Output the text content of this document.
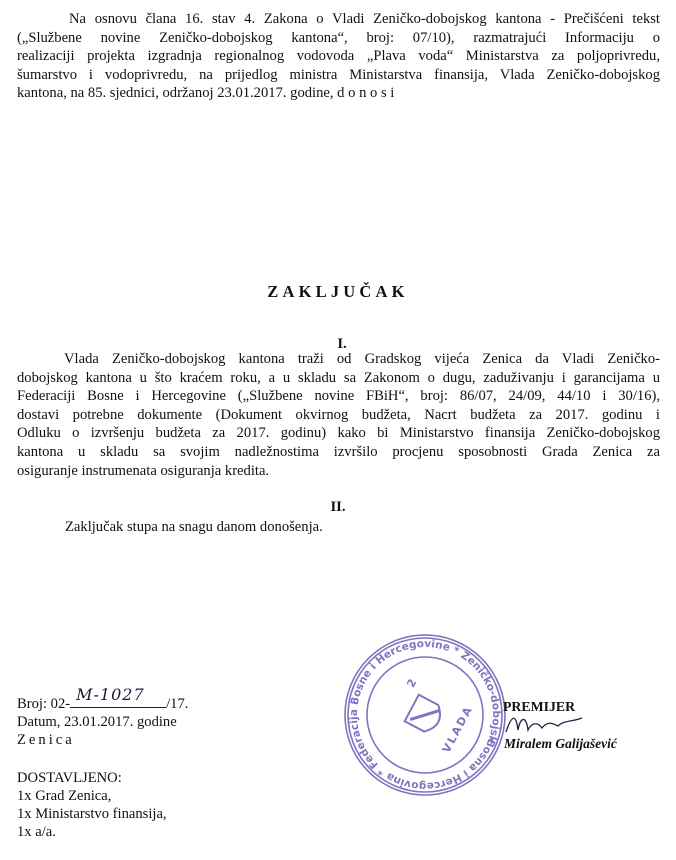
Na osnovu člana 16. stav 4. Zakona o Vladi Zeničko-dobojskog kantona - Prečišćeni tekst
(„Službene novine Zeničko-dobojskog kantona“, broj: 07/10), razmatrajući Informaciju o
realizaciji projekta izgradnja regionalnog vodovoda „Plava voda“ Ministarstva za poljoprivredu,
šumarstvo i vodoprivredu, na prijedlog ministra Ministarstva finansija, Vlada Zeničko-dobojskog
kantona, na 85. sjednici, održanoj 23.01.2017. godine, d o n o s i
ZAKLJUČAK
I.
Vlada Zeničko-dobojskog kantona traži od Gradskog vijeća Zenica da Vladi Zeničko-
dobojskog kantona u što kraćem roku, a u skladu sa Zakonom o dugu, zaduživanju i garancijama u
Federaciji Bosne i Hercegovine („Službene novine FBiH“, broj: 86/07, 24/09, 44/10 i 30/16),
dostavi potrebne dokumente (Dokument okvirnog budžeta, Nacrt budžeta za 2017. godinu i
Odluku o izvršenju budžeta za 2017. godinu) kako bi Ministarstvo finansija Zeničko-dobojskog
kantona u skladu sa svojim nadležnostima izvršilo procjenu sposobnosti Grada Zenica za
osiguranje instrumenata osiguranja kredita.
II.
Zaključak stupa na snagu danom donošenja.
Bosna i Hercegovina * Federacija Bosne i Hercegovine * Zeničko-dobojski
2
VLADA
Broj: 02- M-1027 /17.
Datum, 23.01.2017. godine
Zenica
DOSTAVLJENO:
1x Grad Zenica,
1x Ministarstvo finansija,
1x a/a.
PREMIJER
Miralem Galijašević
